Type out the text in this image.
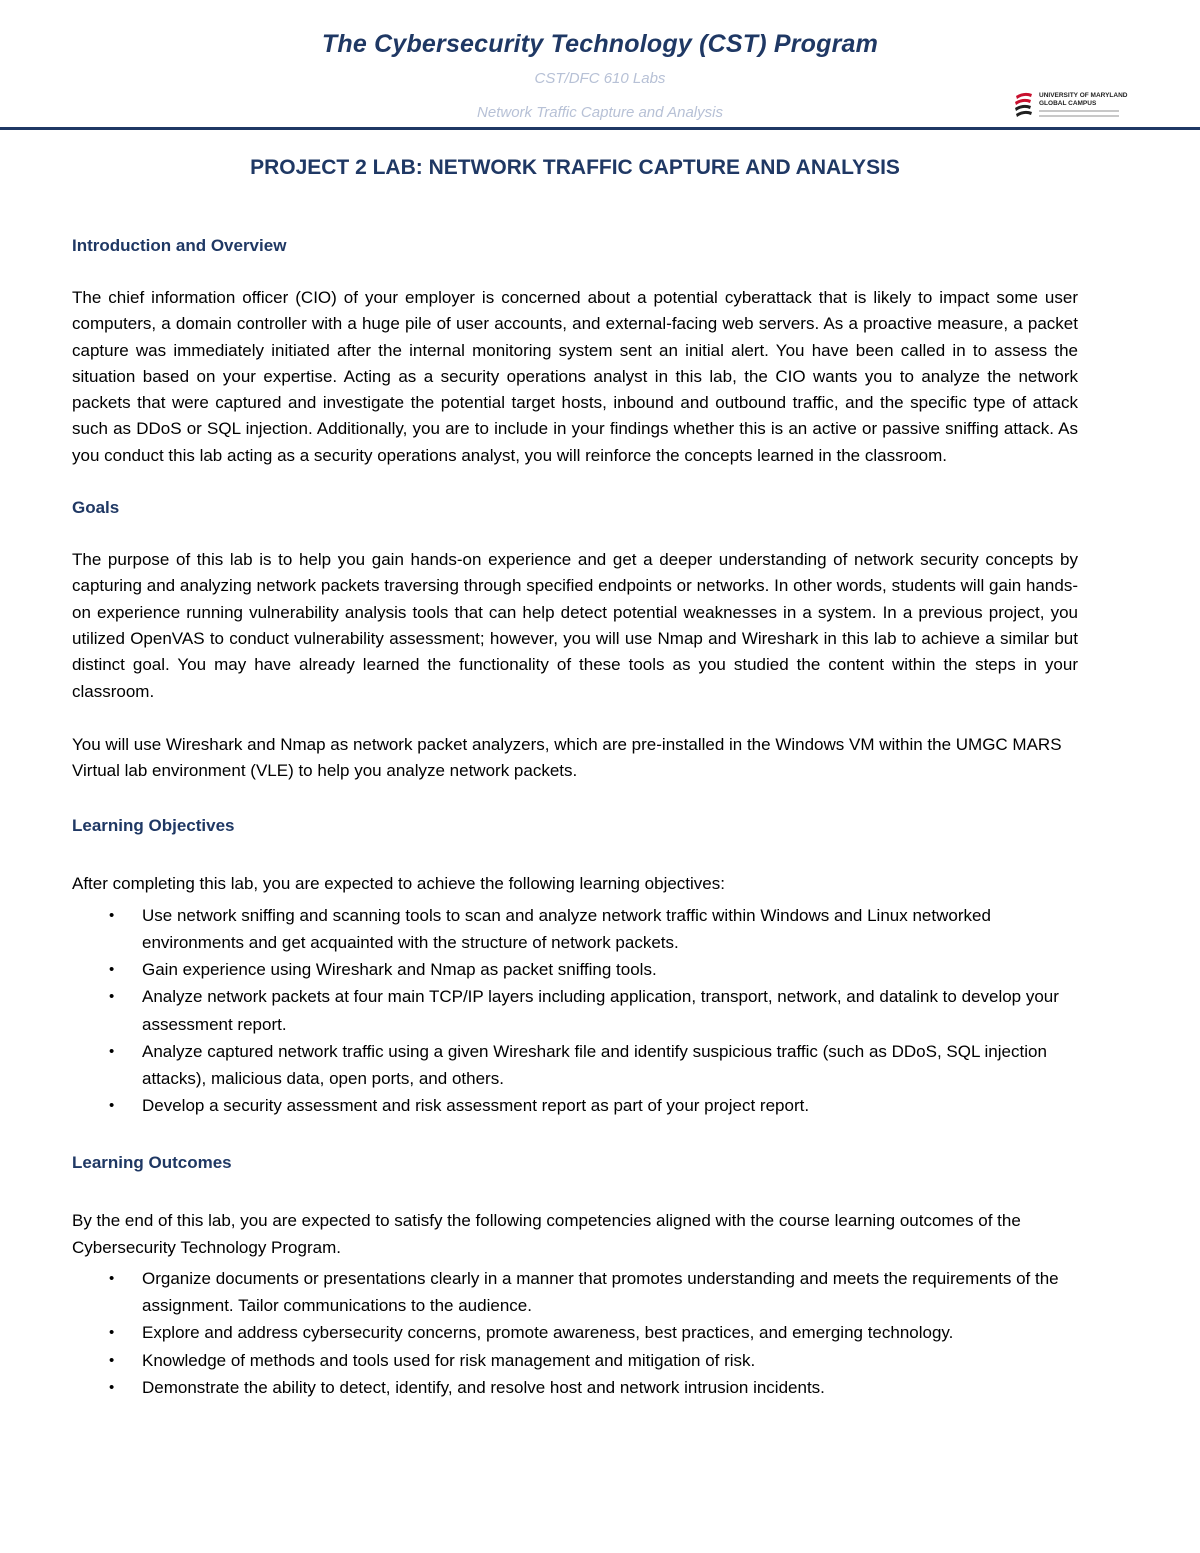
The Cybersecurity Technology (CST) Program
CST/DFC 610 Labs
Network Traffic Capture and Analysis
UNIVERSITY OF MARYLAND
GLOBAL CAMPUS
PROJECT 2 LAB: NETWORK TRAFFIC CAPTURE AND ANALYSIS
Introduction and Overview

The chief information officer (CIO) of your employer is concerned about a potential cyberattack that is likely to impact some user computers, a domain controller with a huge pile of user accounts, and external-facing web servers. As a proactive measure, a packet capture was immediately initiated after the internal monitoring system sent an initial alert. You have been called in to assess the situation based on your expertise. Acting as a security operations analyst in this lab, the CIO wants you to analyze the network packets that were captured and investigate the potential target hosts, inbound and outbound traffic, and the specific type of attack such as DDoS or SQL injection. Additionally, you are to include in your findings whether this is an active or passive sniffing attack. As you conduct this lab acting as a security operations analyst, you will reinforce the concepts learned in the classroom.

Goals

The purpose of this lab is to help you gain hands-on experience and get a deeper understanding of network security concepts by capturing and analyzing network packets traversing through specified endpoints or networks. In other words, students will gain hands-on experience running vulnerability analysis tools that can help detect potential weaknesses in a system. In a previous project, you utilized OpenVAS to conduct vulnerability assessment; however, you will use Nmap and Wireshark in this lab to achieve a similar but distinct goal. You may have already learned the functionality of these tools as you studied the content within the steps in your classroom.

You will use Wireshark and Nmap as network packet analyzers, which are pre-installed in the Windows VM within the UMGC MARS Virtual lab environment (VLE) to help you analyze network packets.

Learning Objectives

After completing this lab, you are expected to achieve the following learning objectives:

• Use network sniffing and scanning tools to scan and analyze network traffic within Windows and Linux networked environments and get acquainted with the structure of network packets.
• Gain experience using Wireshark and Nmap as packet sniffing tools.
• Analyze network packets at four main TCP/IP layers including application, transport, network, and datalink to develop your assessment report.
• Analyze captured network traffic using a given Wireshark file and identify suspicious traffic (such as DDoS, SQL injection attacks), malicious data, open ports, and others.
• Develop a security assessment and risk assessment report as part of your project report.
Learning Outcomes

By the end of this lab, you are expected to satisfy the following competencies aligned with the course learning outcomes of the Cybersecurity Technology Program.

• Organize documents or presentations clearly in a manner that promotes understanding and meets the requirements of the assignment. Tailor communications to the audience.
• Explore and address cybersecurity concerns, promote awareness, best practices, and emerging technology.
• Knowledge of methods and tools used for risk management and mitigation of risk.
• Demonstrate the ability to detect, identify, and resolve host and network intrusion incidents.
